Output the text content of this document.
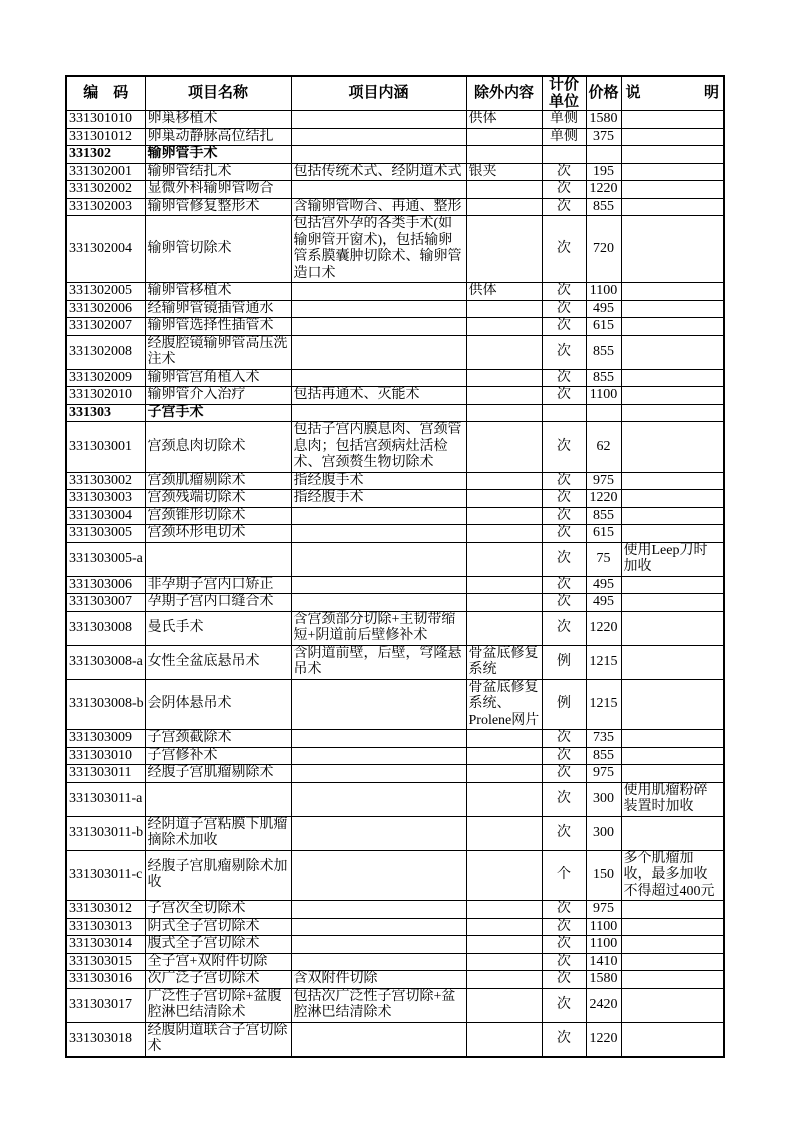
编　码	项目名称	项目内涵	除外内容	计价单位	价格	说 明

331301010	卵巢移植术		供体	单侧	1580	
331301012	卵巢动静脉高位结扎			单侧	375	
331302	输卵管手术					
331302001	输卵管结扎术	包括传统术式、经阴道术式	银夹	次	195	
331302002	显微外科输卵管吻合			次	1220	
331302003	输卵管修复整形术	含输卵管吻合、再通、整形		次	855	
331302004	输卵管切除术	包括宫外孕的各类手术(如输卵管开窗术)，包括输卵管系膜囊肿切除术、输卵管造口术		次	720	
331302005	输卵管移植术		供体	次	1100	
331302006	经输卵管镜插管通水			次	495	
331302007	输卵管选择性插管术			次	615	
331302008	经腹腔镜输卵管高压洗注术			次	855	
331302009	输卵管宫角植入术			次	855	
331302010	输卵管介入治疗	包括再通术、灭能术		次	1100	
331303	子宫手术					
331303001	宫颈息肉切除术	包括子宫内膜息肉、宫颈管息肉；包括宫颈病灶活检术、宫颈赘生物切除术		次	62	
331303002	宫颈肌瘤剔除术	指经腹手术		次	975	
331303003	宫颈残端切除术	指经腹手术		次	1220	
331303004	宫颈锥形切除术			次	855	
331303005	宫颈环形电切术			次	615	
331303005-a				次	75	使用Leep刀时加收
331303006	非孕期子宫内口矫正			次	495	
331303007	孕期子宫内口缝合术			次	495	
331303008	曼氏手术	含宫颈部分切除+主韧带缩短+阴道前后壁修补术		次	1220	
331303008-a	女性全盆底悬吊术	含阴道前壁，后壁，穹隆悬吊术	骨盆底修复系统	例	1215	
331303008-b	会阴体悬吊术		骨盆底修复系统、Prolene网片	例	1215	
331303009	子宫颈截除术			次	735	
331303010	子宫修补术			次	855	
331303011	经腹子宫肌瘤剔除术			次	975	
331303011-a				次	300	使用肌瘤粉碎装置时加收
331303011-b	经阴道子宫粘膜下肌瘤摘除术加收			次	300	
331303011-c	经腹子宫肌瘤剔除术加收			个	150	多个肌瘤加收，最多加收不得超过400元
331303012	子宫次全切除术			次	975	
331303013	阴式全子宫切除术			次	1100	
331303014	腹式全子宫切除术			次	1100	
331303015	全子宫+双附件切除			次	1410	
331303016	次广泛子宫切除术	含双附件切除		次	1580	
331303017	广泛性子宫切除+盆腹腔淋巴结清除术	包括次广泛性子宫切除+盆腔淋巴结清除术		次	2420	
331303018	经腹阴道联合子宫切除术			次	1220	
